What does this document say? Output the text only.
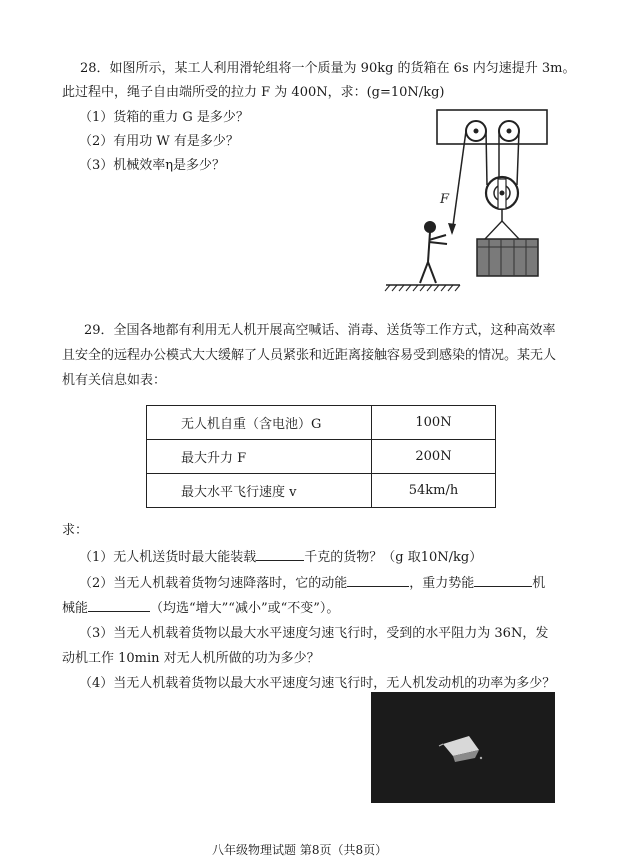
28．如图所示，某工人利用滑轮组将一个质量为 90kg 的货箱在 6s 内匀速提升 3m。
此过程中，绳子自由端所受的拉力 F 为 400N，求：(g=10N/kg)
（1）货箱的重力 G 是多少？
（2）有用功 W 有是多少？
（3）机械效率η是多少？
F
29．全国各地都有利用无人机开展高空喊话、消毒、送货等工作方式，这种高效率
且安全的远程办公模式大大缓解了人员紧张和近距离接触容易受到感染的情况。某无人
机有关信息如表：
无人机自重（含电池）G	100N
最大升力 F	200N
最大水平飞行速度 v	54km/h
求：
（1）无人机送货时最大能装载	千克的货物？（g 取10N/kg）
（2）当无人机载着货物匀速降落时，它的动能	，重力势能	机
械能	（均选“增大”“减小”或“不变”）。
（3）当无人机载着货物以最大水平速度匀速飞行时，受到的水平阻力为 36N，发
动机工作 10min 对无人机所做的功为多少？
（4）当无人机载着货物以最大水平速度匀速飞行时，无人机发动机的功率为多少？
八年级物理试题 第8页（共8页）
